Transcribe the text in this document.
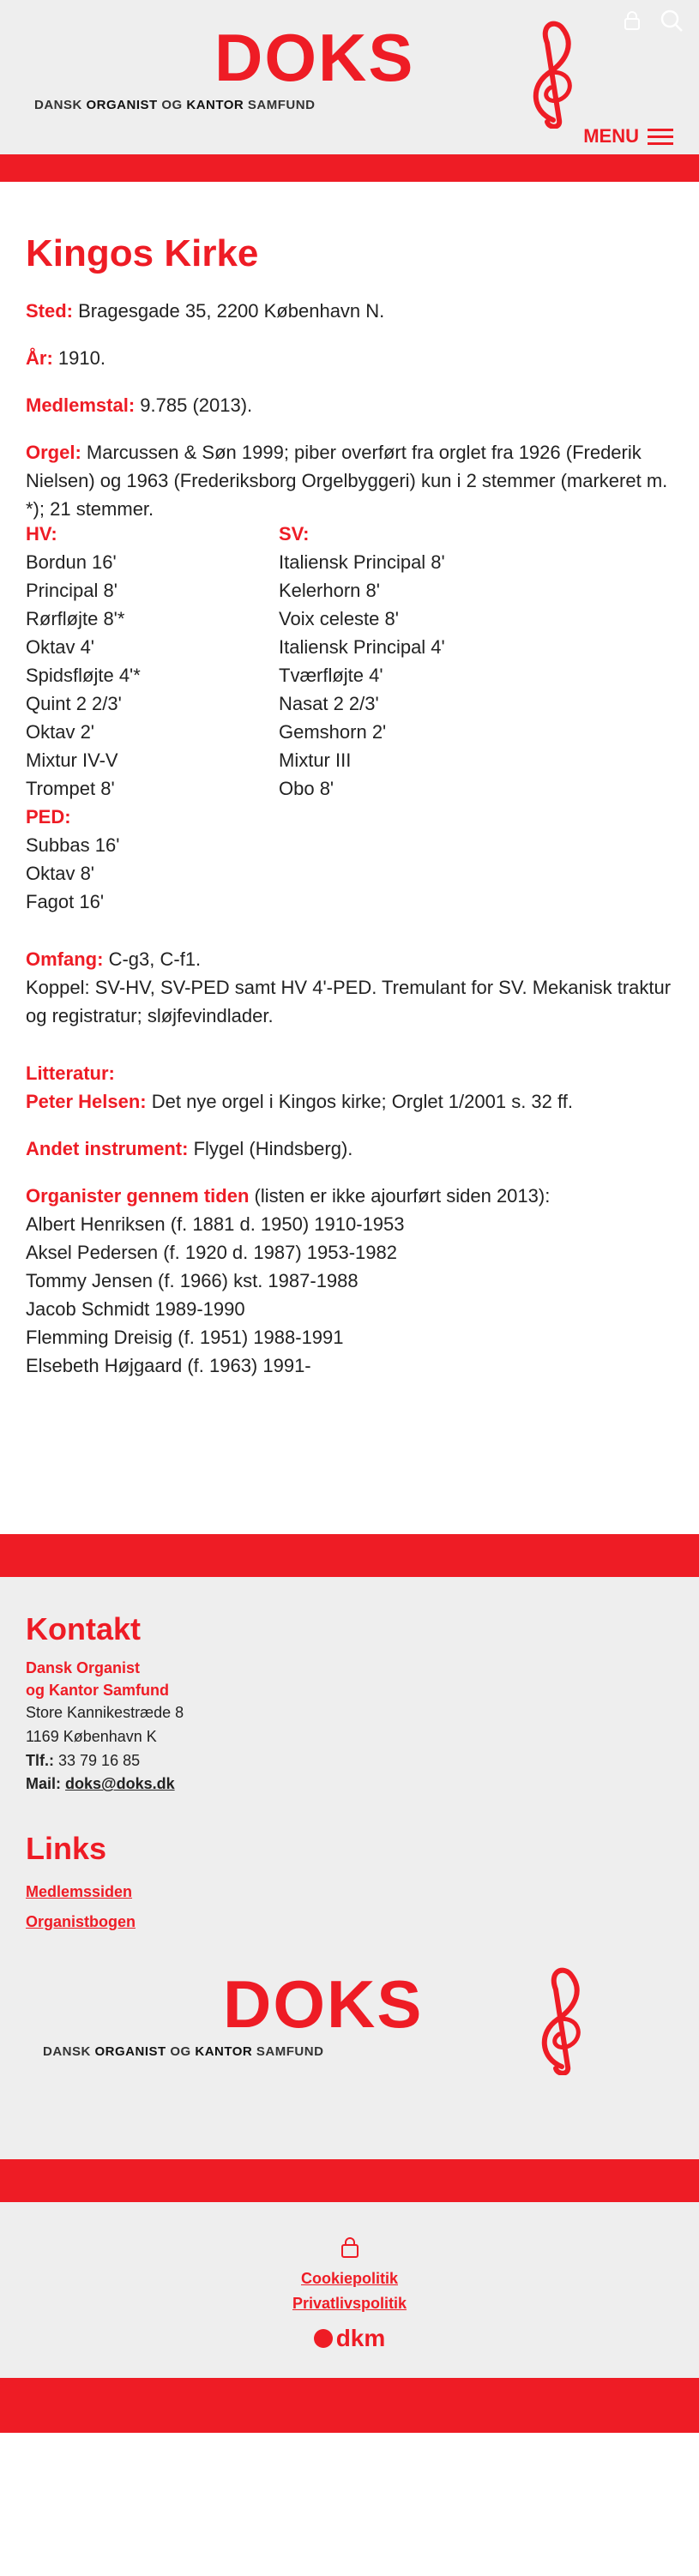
DOKS
DANSK ORGANIST OG KANTOR SAMFUND
MENU
Kingos Kirke

Sted: Bragesgade 35, 2200 København N.

År: 1910.

Medlemstal: 9.785 (2013).

Orgel: Marcussen & Søn 1999; piber overført fra orglet fra 1926 (Frederik Nielsen) og 1963 (Frederiksborg Orgelbyggeri) kun i 2 stemmer (markeret m. *); 21 stemmer.

HV:
Bordun 16'
Principal 8'
Rørfløjte 8'*
Oktav 4'
Spidsfløjte 4'*
Quint 2 2/3'
Oktav 2'
Mixtur IV-V
Trompet 8'
SV:
Italiensk Principal 8'
Kelerhorn 8'
Voix celeste 8'
Italiensk Principal 4'
Tværfløjte 4'
Nasat 2 2/3'
Gemshorn 2'
Mixtur III
Obo 8'
PED:
Subbas 16'
Oktav 8'
Fagot 16'

Omfang: C-g3, C-f1.

Koppel: SV-HV, SV-PED samt HV 4'-PED. Tremulant for SV. Mekanisk traktur og registratur; sløjfevindlader.

Litteratur:

Peter Helsen: Det nye orgel i Kingos kirke; Orglet 1/2001 s. 32 ff.

Andet instrument: Flygel (Hindsberg).

Organister gennem tiden (listen er ikke ajourført siden 2013):

Albert Henriksen (f. 1881 d. 1950) 1910-1953
Aksel Pedersen (f. 1920 d. 1987) 1953-1982
Tommy Jensen (f. 1966) kst. 1987-1988
Jacob Schmidt 1989-1990
Flemming Dreisig (f. 1951) 1988-1991
Elsebeth Højgaard (f. 1963) 1991-
Kontakt
Dansk Organist
og Kantor Samfund
Store Kannikestræde 8
1169 København K
Tlf.: 33 79 16 85
Mail: doks@doks.dk
Links
Medlemssiden
Organistbogen
DOKS
DANSK ORGANIST OG KANTOR SAMFUND
Cookiepolitik
Privatlivspolitik
dkm
